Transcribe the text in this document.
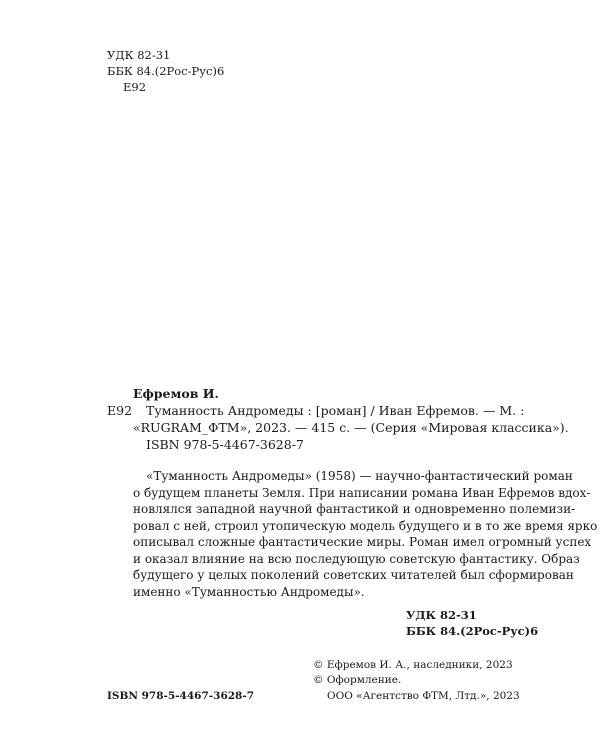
УДК 82-31
ББК 84.(2Рос-Рус)6
Е92
Ефремов И.
Е92 Туманность Андромеды : [роман] / Иван Ефремов. — М. :
«RUGRAM_ФТМ», 2023. — 415 с. — (Серия «Мировая классика»).
ISBN 978-5-4467-3628-7
«Туманность Андромеды» (1958) — научно-фантастический роман
о будущем планеты Земля. При написании романа Иван Ефремов вдох-
новлялся западной научной фантастикой и одновременно полемизи-
ровал с ней, строил утопическую модель будущего и в то же время ярко
описывал сложные фантастические миры. Роман имел огромный успех
и оказал влияние на всю последующую советскую фантастику. Образ
будущего у целых поколений советских читателей был сформирован
именно «Туманностью Андромеды».
УДК 82-31
ББК 84.(2Рос-Рус)6
© Ефремов И. А., наследники, 2023
© Оформление.
ISBN 978-5-4467-3628-7	ООО «Агентство ФТМ, Лтд.», 2023
